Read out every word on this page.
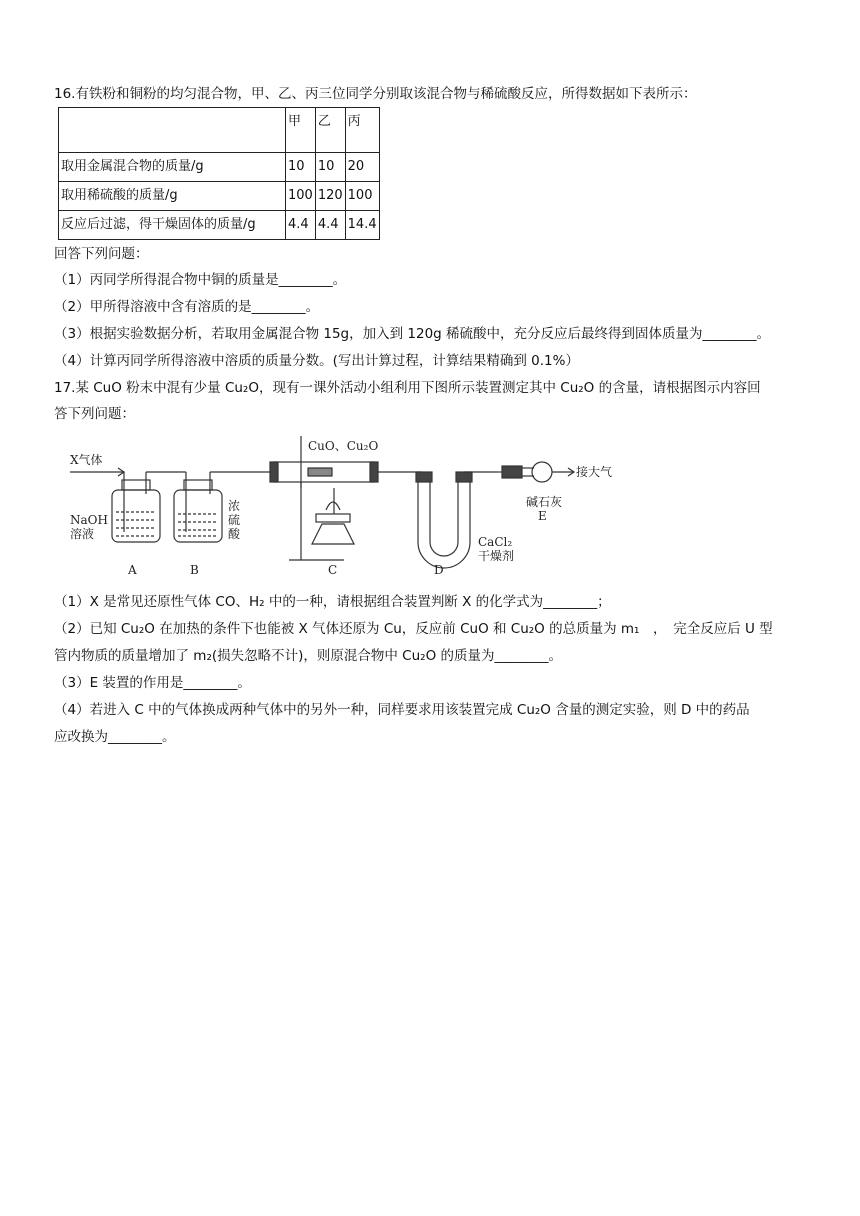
16.有铁粉和铜粉的均匀混合物，甲、乙、丙三位同学分别取该混合物与稀硫酸反应，所得数据如下表所示：
	甲	乙	丙
取用金属混合物的质量/g	10	10	20
取用稀硫酸的质量/g	100	120	100
反应后过滤，得干燥固体的质量/g	4.4	4.4	14.4
回答下列问题：
（1）丙同学所得混合物中铜的质量是________。
（2）甲所得溶液中含有溶质的是________。
（3）根据实验数据分析，若取用金属混合物 15g，加入到 120g 稀硫酸中，充分反应后最终得到固体质量为________。
（4）计算丙同学所得溶液中溶质的质量分数。(写出计算过程，计算结果精确到 0.1%）
17.某 CuO 粉末中混有少量 Cu₂O，现有一课外活动小组利用下图所示装置测定其中 Cu₂O 的含量，请根据图示内容回
答下列问题：
X气体
NaOH
溶液
浓
硫
酸
CuO、Cu₂O
CaCl₂
干燥剂
碱石灰
接大气
A	B	C	D
E
（1）X 是常见还原性气体 CO、H₂ 中的一种，请根据组合装置判断 X 的化学式为________；
（2）已知 Cu₂O 在加热的条件下也能被 X 气体还原为 Cu，反应前 CuO 和 Cu₂O 的总质量为 m₁　，　完全反应后 U 型
管内物质的质量增加了 m₂(损失忽略不计)，则原混合物中 Cu₂O 的质量为________。
（3）E 装置的作用是________。
（4）若进入 C 中的气体换成两种气体中的另外一种，同样要求用该装置完成 Cu₂O 含量的测定实验，则 D 中的药品
应改换为________。
